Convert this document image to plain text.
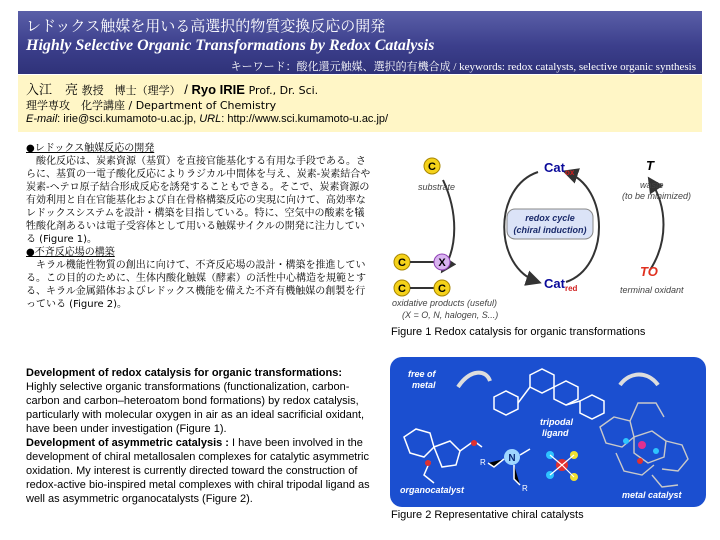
レドックス触媒を用いる高選択的物質変換反応の開発
Highly Selective Organic Transformations by Redox Catalysis
キーワード：酸化還元触媒、選択的有機合成 / keywords: redox catalysts, selective organic synthesis
入江　亮 教授　博士（理学） / Ryo IRIE Prof., Dr. Sci.
理学専攻　化学講座 / Department of Chemistry
E-mail: irie@sci.kumamoto-u.ac.jp, URL: http://www.sci.kumamoto-u.ac.jp/

●レドックス触媒反応の開発

　酸化反応は、炭素資源（基質）を直接官能基化する有用な手段である。さらに、基質の一電子酸化反応によりラジカル中間体を与え、炭素-炭素結合や炭素-ヘテロ原子結合形成反応を誘発することもできる。そこで、炭素資源の有効利用と自在官能基化および自在骨格構築反応の実現に向けて、高効率なレドックスシステムを設計・構築を目指している。特に、空気中の酸素を犠牲酸化剤あるいは電子受容体として用いる触媒サイクルの開発に注力している (Figure 1)。

●不斉反応場の構築

　キラル機能性物質の創出に向けて、不斉反応場の設計・構築を推進している。この目的のために、生体内酸化触媒（酵素）の活性中心構造を規範とする、キラル金属錯体およびレドックス機能を備えた不斉有機触媒の創製を行っている (Figure 2)。

Development of redox catalysis for organic transformations:

Highly selective organic transformations (functionalization, carbon-carbon and carbon–heteroatom bond formations) by redox catalysis, particularly with molecular oxygen in air as an ideal sacrificial oxidant, have been under investigation (Figure 1).

Development of asymmetric catalysis : I have been involved in the development of chiral metallosalen complexes for catalytic asymmetric oxidation. My interest is currently directed toward the construction of redox-active bio-inspired metal complexes with chiral tripodal ligand as well as asymmetric organocatalysts (Figure 2).

C
substrate
Cat$_{ox}$
Cat$_{red}$
redox cycle
(chiral induction)
T
waste
(to be minimized)
TO
terminal oxidant
C	X
C	C
oxidative products (useful)
(X = O, N, halogen, S...)
Figure 1 Redox catalysis for organic transformations
free of
metal
organocatalyst
tripodal
ligand
N
R
R
metal catalyst
Figure 2 Representative chiral catalysts
